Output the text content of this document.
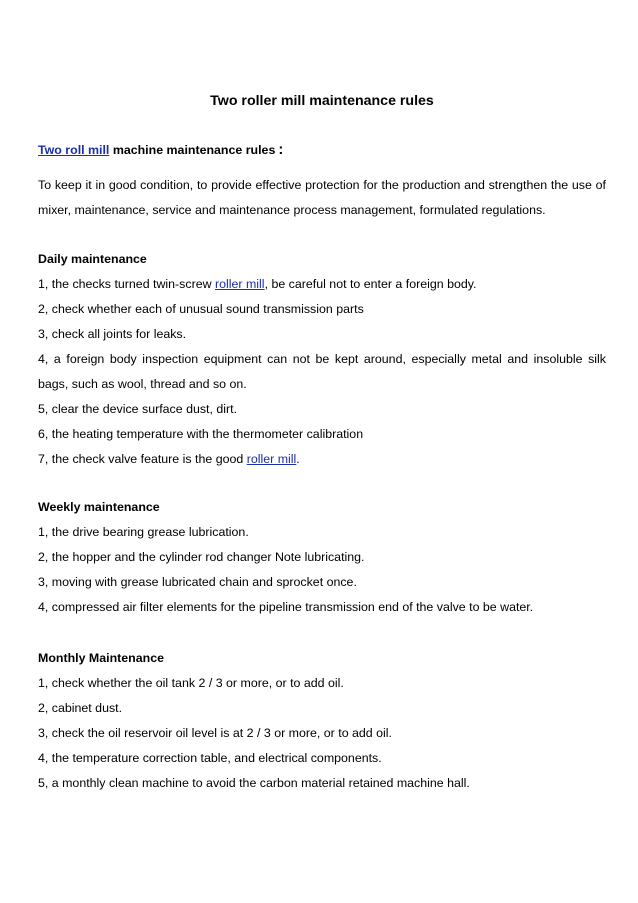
Two roller mill maintenance rules
Two roll mill machine maintenance rules :
To keep it in good condition, to provide effective protection for the production and strengthen the use of mixer, maintenance, service and maintenance process management, formulated regulations.
Daily maintenance
1, the checks turned twin-screw roller mill, be careful not to enter a foreign body.
2, check whether each of unusual sound transmission parts
3, check all joints for leaks.
4, a foreign body inspection equipment can not be kept around, especially metal and insoluble silk bags, such as wool, thread and so on.
5, clear the device surface dust, dirt.
6, the heating temperature with the thermometer calibration
7, the check valve feature is the good roller mill.
Weekly maintenance
1, the drive bearing grease lubrication.
2, the hopper and the cylinder rod changer Note lubricating.
3, moving with grease lubricated chain and sprocket once.
4, compressed air filter elements for the pipeline transmission end of the valve to be water.
Monthly Maintenance
1, check whether the oil tank 2 / 3 or more, or to add oil.
2, cabinet dust.
3, check the oil reservoir oil level is at 2 / 3 or more, or to add oil.
4, the temperature correction table, and electrical components.
5, a monthly clean machine to avoid the carbon material retained machine hall.
